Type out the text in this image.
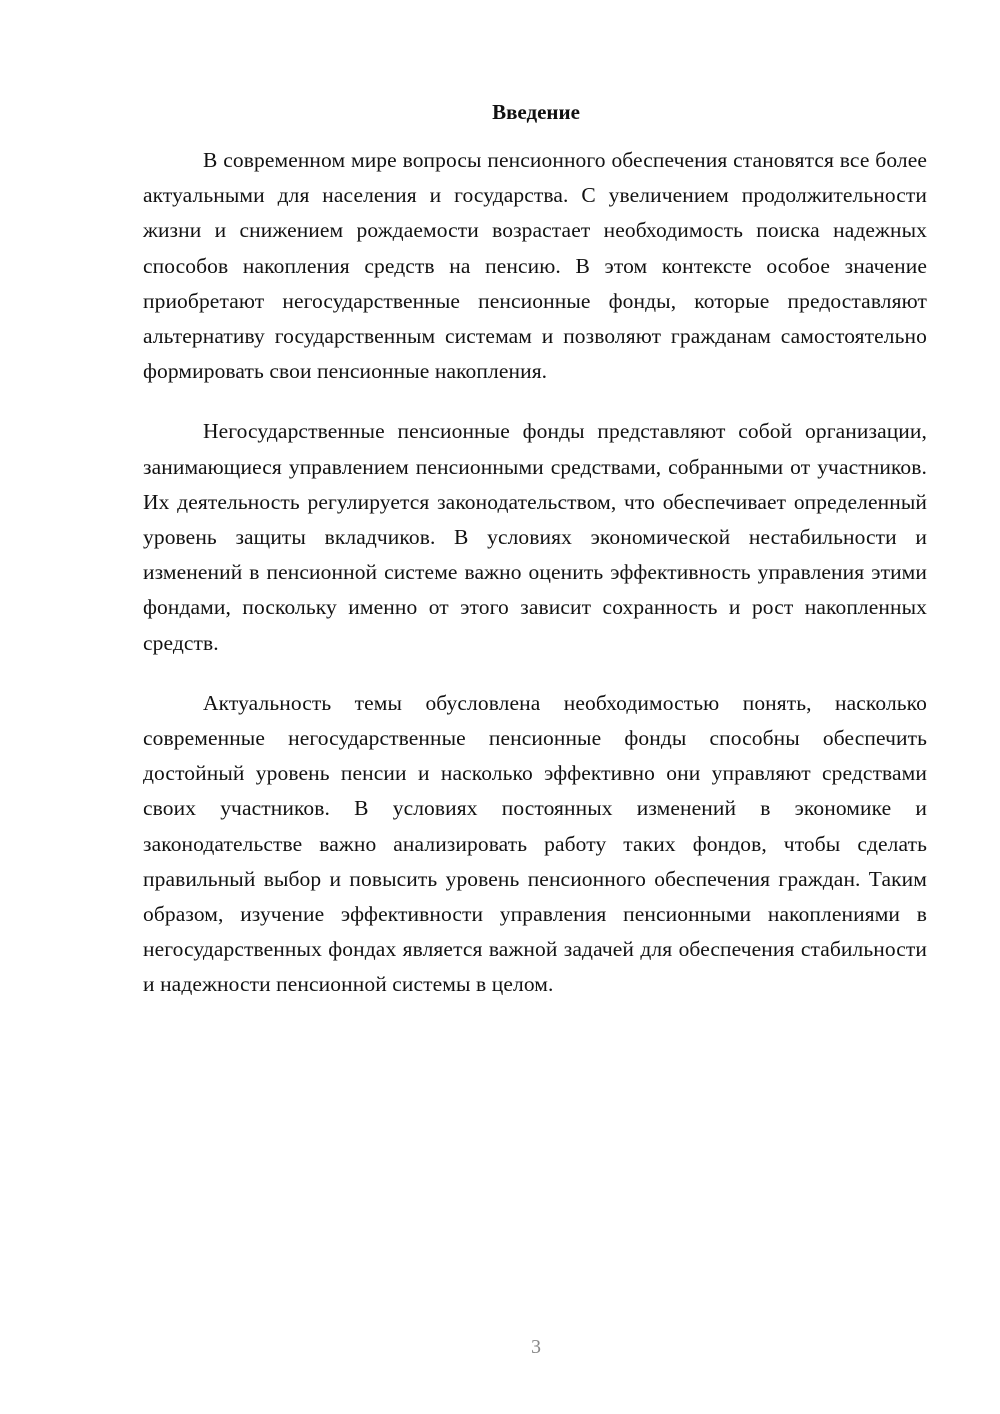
Введение

В современном мире вопросы пенсионного обеспечения становятся все более актуальными для населения и государства. С увеличением продолжительности жизни и снижением рождаемости возрастает необходимость поиска надежных способов накопления средств на пенсию. В этом контексте особое значение приобретают негосударственные пенсионные фонды, которые предоставляют альтернативу государственным системам и позволяют гражданам самостоятельно формировать свои пенсионные накопления.

Негосударственные пенсионные фонды представляют собой организации, занимающиеся управлением пенсионными средствами, собранными от участников. Их деятельность регулируется законодательством, что обеспечивает определенный уровень защиты вкладчиков. В условиях экономической нестабильности и изменений в пенсионной системе важно оценить эффективность управления этими фондами, поскольку именно от этого зависит сохранность и рост накопленных средств.

Актуальность темы обусловлена необходимостью понять, насколько современные негосударственные пенсионные фонды способны обеспечить достойный уровень пенсии и насколько эффективно они управляют средствами своих участников. В условиях постоянных изменений в экономике и законодательстве важно анализировать работу таких фондов, чтобы сделать правильный выбор и повысить уровень пенсионного обеспечения граждан. Таким образом, изучение эффективности управления пенсионными накоплениями в негосударственных фондах является важной задачей для обеспечения стабильности и надежности пенсионной системы в целом.

3
